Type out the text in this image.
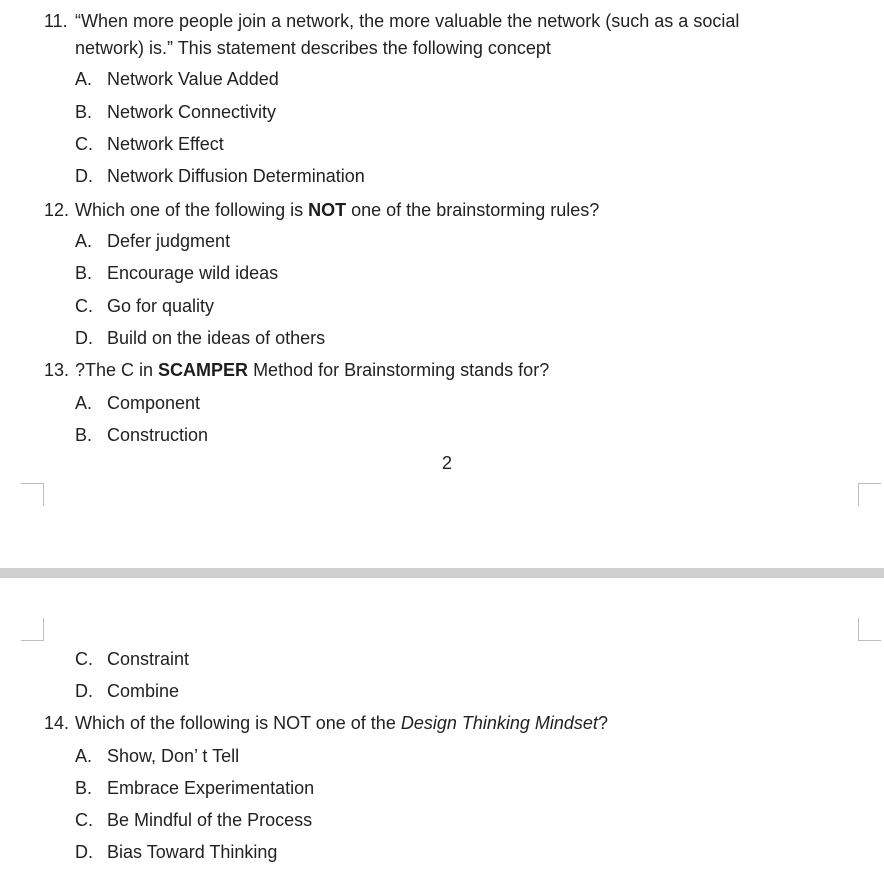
11. “When more people join a network, the more valuable the network (such as a social
network) is.” This statement describes the following concept
A. Network Value Added
B. Network Connectivity
C. Network Effect
D. Network Diffusion Determination
12. Which one of the following is NOT one of the brainstorming rules?
A. Defer judgment
B. Encourage wild ideas
C. Go for quality
D. Build on the ideas of others
13. ?The C in SCAMPER Method for Brainstorming stands for?
A. Component
B. Construction
2
C. Constraint
D. Combine
14. Which of the following is NOT one of the Design Thinking Mindset?
A. Show, Don’ t Tell
B. Embrace Experimentation
C. Be Mindful of the Process
D. Bias Toward Thinking
